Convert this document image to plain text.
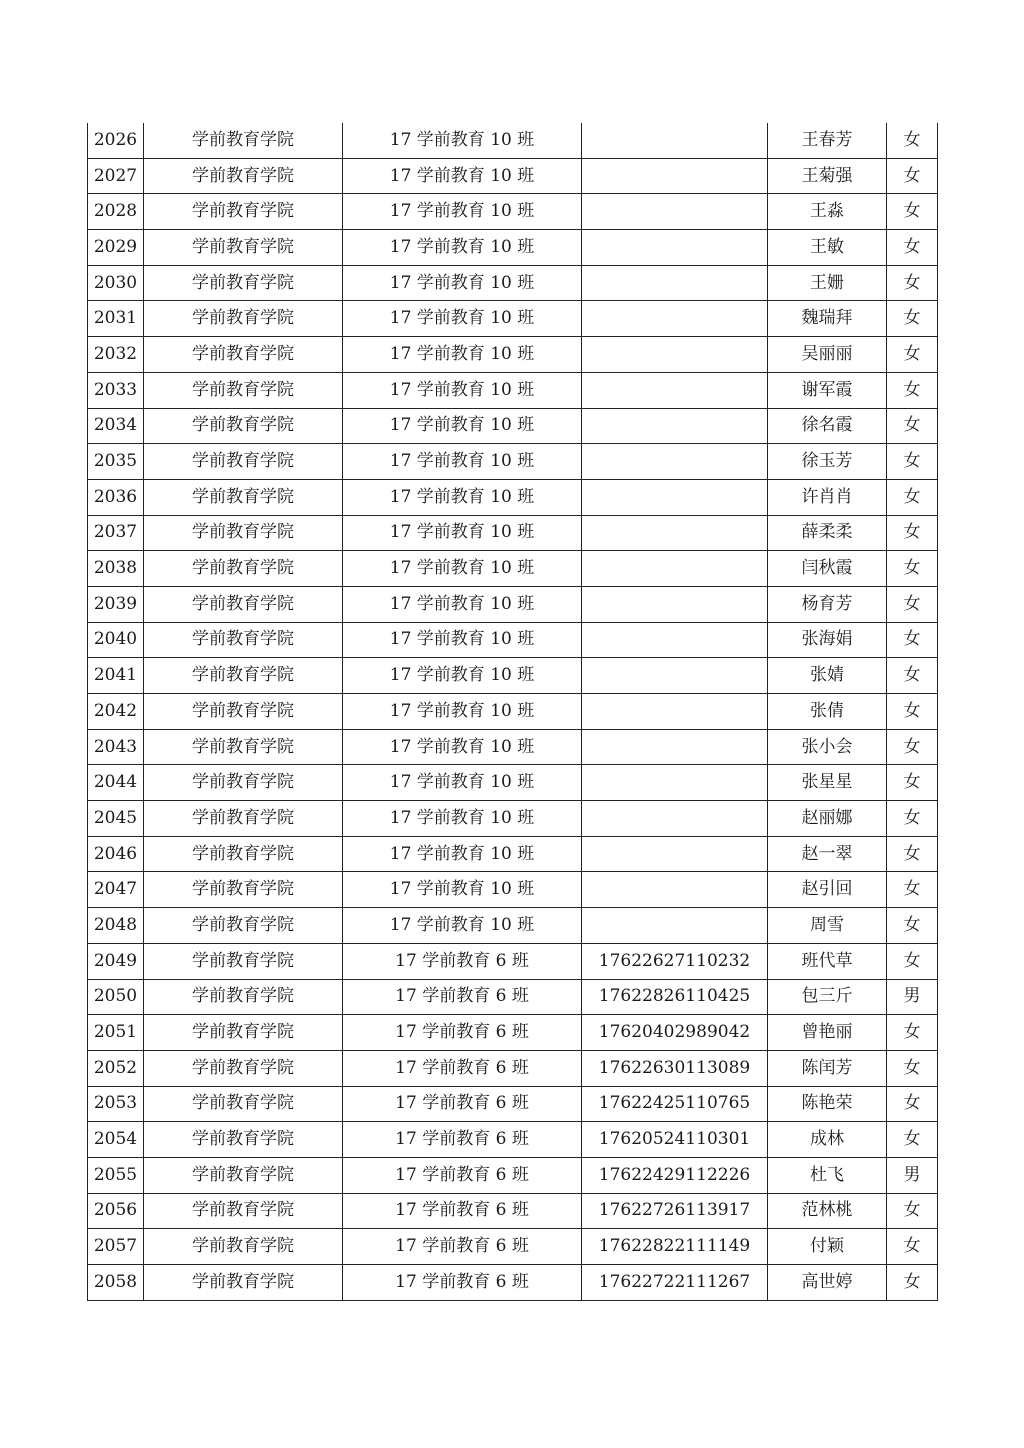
2026	学前教育学院	17 学前教育 10 班		王春芳	女
2027	学前教育学院	17 学前教育 10 班		王菊强	女
2028	学前教育学院	17 学前教育 10 班		王淼	女
2029	学前教育学院	17 学前教育 10 班		王敏	女
2030	学前教育学院	17 学前教育 10 班		王姗	女
2031	学前教育学院	17 学前教育 10 班		魏瑞拜	女
2032	学前教育学院	17 学前教育 10 班		吴丽丽	女
2033	学前教育学院	17 学前教育 10 班		谢军霞	女
2034	学前教育学院	17 学前教育 10 班		徐名霞	女
2035	学前教育学院	17 学前教育 10 班		徐玉芳	女
2036	学前教育学院	17 学前教育 10 班		许肖肖	女
2037	学前教育学院	17 学前教育 10 班		薛柔柔	女
2038	学前教育学院	17 学前教育 10 班		闫秋霞	女
2039	学前教育学院	17 学前教育 10 班		杨育芳	女
2040	学前教育学院	17 学前教育 10 班		张海娟	女
2041	学前教育学院	17 学前教育 10 班		张婧	女
2042	学前教育学院	17 学前教育 10 班		张倩	女
2043	学前教育学院	17 学前教育 10 班		张小会	女
2044	学前教育学院	17 学前教育 10 班		张星星	女
2045	学前教育学院	17 学前教育 10 班		赵丽娜	女
2046	学前教育学院	17 学前教育 10 班		赵一翠	女
2047	学前教育学院	17 学前教育 10 班		赵引回	女
2048	学前教育学院	17 学前教育 10 班		周雪	女
2049	学前教育学院	17 学前教育 6 班	17622627110232	班代草	女
2050	学前教育学院	17 学前教育 6 班	17622826110425	包三斤	男
2051	学前教育学院	17 学前教育 6 班	17620402989042	曾艳丽	女
2052	学前教育学院	17 学前教育 6 班	17622630113089	陈闰芳	女
2053	学前教育学院	17 学前教育 6 班	17622425110765	陈艳荣	女
2054	学前教育学院	17 学前教育 6 班	17620524110301	成林	女
2055	学前教育学院	17 学前教育 6 班	17622429112226	杜飞	男
2056	学前教育学院	17 学前教育 6 班	17622726113917	范林桃	女
2057	学前教育学院	17 学前教育 6 班	17622822111149	付颖	女
2058	学前教育学院	17 学前教育 6 班	17622722111267	高世婷	女
